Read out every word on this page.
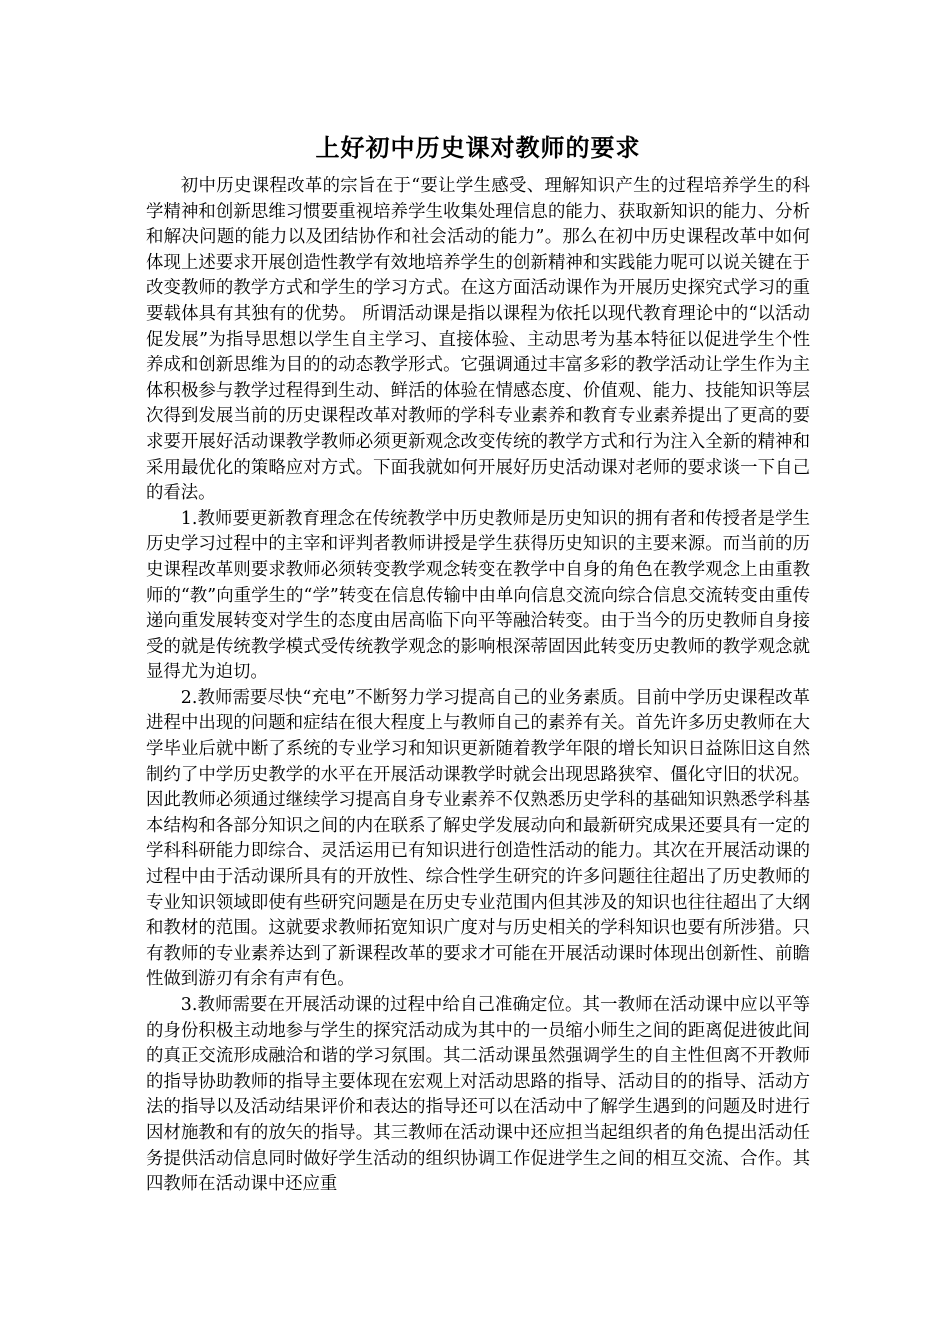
上好初中历史课对教师的要求

初中历史课程改革的宗旨在于“要让学生感受、理解知识产生的过程培养学生的科学精神和创新思维习惯要重视培养学生收集处理信息的能力、获取新知识的能力、分析和解决问题的能力以及团结协作和社会活动的能力”。那么在初中历史课程改革中如何体现上述要求开展创造性教学有效地培养学生的创新精神和实践能力呢可以说关键在于改变教师的教学方式和学生的学习方式。在这方面活动课作为开展历史探究式学习的重要载体具有其独有的优势。 所谓活动课是指以课程为依托以现代教育理论中的“以活动促发展”为指导思想以学生自主学习、直接体验、主动思考为基本特征以促进学生个性养成和创新思维为目的的动态教学形式。它强调通过丰富多彩的教学活动让学生作为主体积极参与教学过程得到生动、鲜活的体验在情感态度、价值观、能力、技能知识等层次得到发展当前的历史课程改革对教师的学科专业素养和教育专业素养提出了更高的要求要开展好活动课教学教师必须更新观念改变传统的教学方式和行为注入全新的精神和采用最优化的策略应对方式。下面我就如何开展好历史活动课对老师的要求谈一下自己的看法。

1.教师要更新教育理念在传统教学中历史教师是历史知识的拥有者和传授者是学生历史学习过程中的主宰和评判者教师讲授是学生获得历史知识的主要来源。而当前的历史课程改革则要求教师必须转变教学观念转变在教学中自身的角色在教学观念上由重教师的“教”向重学生的“学”转变在信息传输中由单向信息交流向综合信息交流转变由重传递向重发展转变对学生的态度由居高临下向平等融洽转变。由于当今的历史教师自身接受的就是传统教学模式受传统教学观念的影响根深蒂固因此转变历史教师的教学观念就显得尤为迫切。

2.教师需要尽快“充电”不断努力学习提高自己的业务素质。目前中学历史课程改革进程中出现的问题和症结在很大程度上与教师自己的素养有关。首先许多历史教师在大学毕业后就中断了系统的专业学习和知识更新随着教学年限的增长知识日益陈旧这自然制约了中学历史教学的水平在开展活动课教学时就会出现思路狭窄、僵化守旧的状况。因此教师必须通过继续学习提高自身专业素养不仅熟悉历史学科的基础知识熟悉学科基本结构和各部分知识之间的内在联系了解史学发展动向和最新研究成果还要具有一定的学科科研能力即综合、灵活运用已有知识进行创造性活动的能力。其次在开展活动课的过程中由于活动课所具有的开放性、综合性学生研究的许多问题往往超出了历史教师的专业知识领域即使有些研究问题是在历史专业范围内但其涉及的知识也往往超出了大纲和教材的范围。这就要求教师拓宽知识广度对与历史相关的学科知识也要有所涉猎。只有教师的专业素养达到了新课程改革的要求才可能在开展活动课时体现出创新性、前瞻性做到游刃有余有声有色。

3.教师需要在开展活动课的过程中给自己准确定位。其一教师在活动课中应以平等的身份积极主动地参与学生的探究活动成为其中的一员缩小师生之间的距离促进彼此间的真正交流形成融洽和谐的学习氛围。其二活动课虽然强调学生的自主性但离不开教师的指导协助教师的指导主要体现在宏观上对活动思路的指导、活动目的的指导、活动方法的指导以及活动结果评价和表达的指导还可以在活动中了解学生遇到的问题及时进行因材施教和有的放矢的指导。其三教师在活动课中还应担当起组织者的角色提出活动任务提供活动信息同时做好学生活动的组织协调工作促进学生之间的相互交流、合作。其四教师在活动课中还应重
